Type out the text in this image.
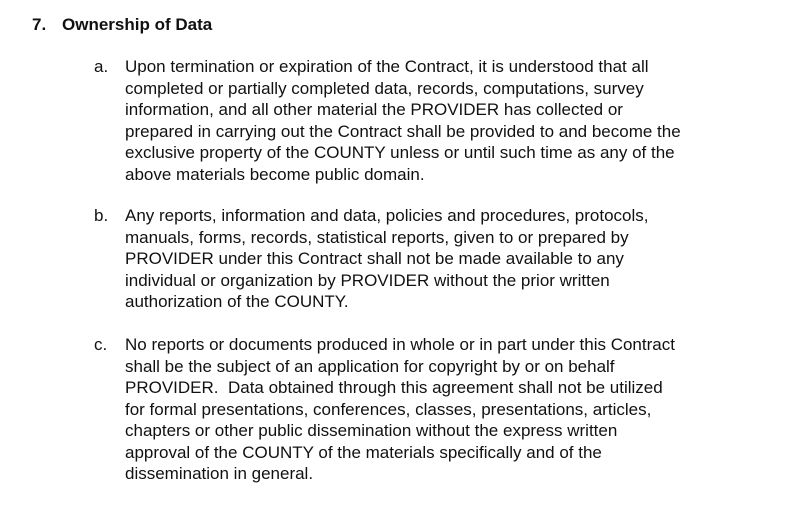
7. Ownership of Data
a. Upon termination or expiration of the Contract, it is understood that all
completed or partially completed data, records, computations, survey
information, and all other material the PROVIDER has collected or
prepared in carrying out the Contract shall be provided to and become the
exclusive property of the COUNTY unless or until such time as any of the
above materials become public domain.
b. Any reports, information and data, policies and procedures, protocols,
manuals, forms, records, statistical reports, given to or prepared by
PROVIDER under this Contract shall not be made available to any
individual or organization by PROVIDER without the prior written
authorization of the COUNTY.
c.	No reports or documents produced in whole or in part under this Contract
shall be the subject of an application for copyright by or on behalf
PROVIDER.  Data obtained through this agreement shall not be utilized
for formal presentations, conferences, classes, presentations, articles,
chapters or other public dissemination without the express written
approval of the COUNTY of the materials specifically and of the
dissemination in general.
